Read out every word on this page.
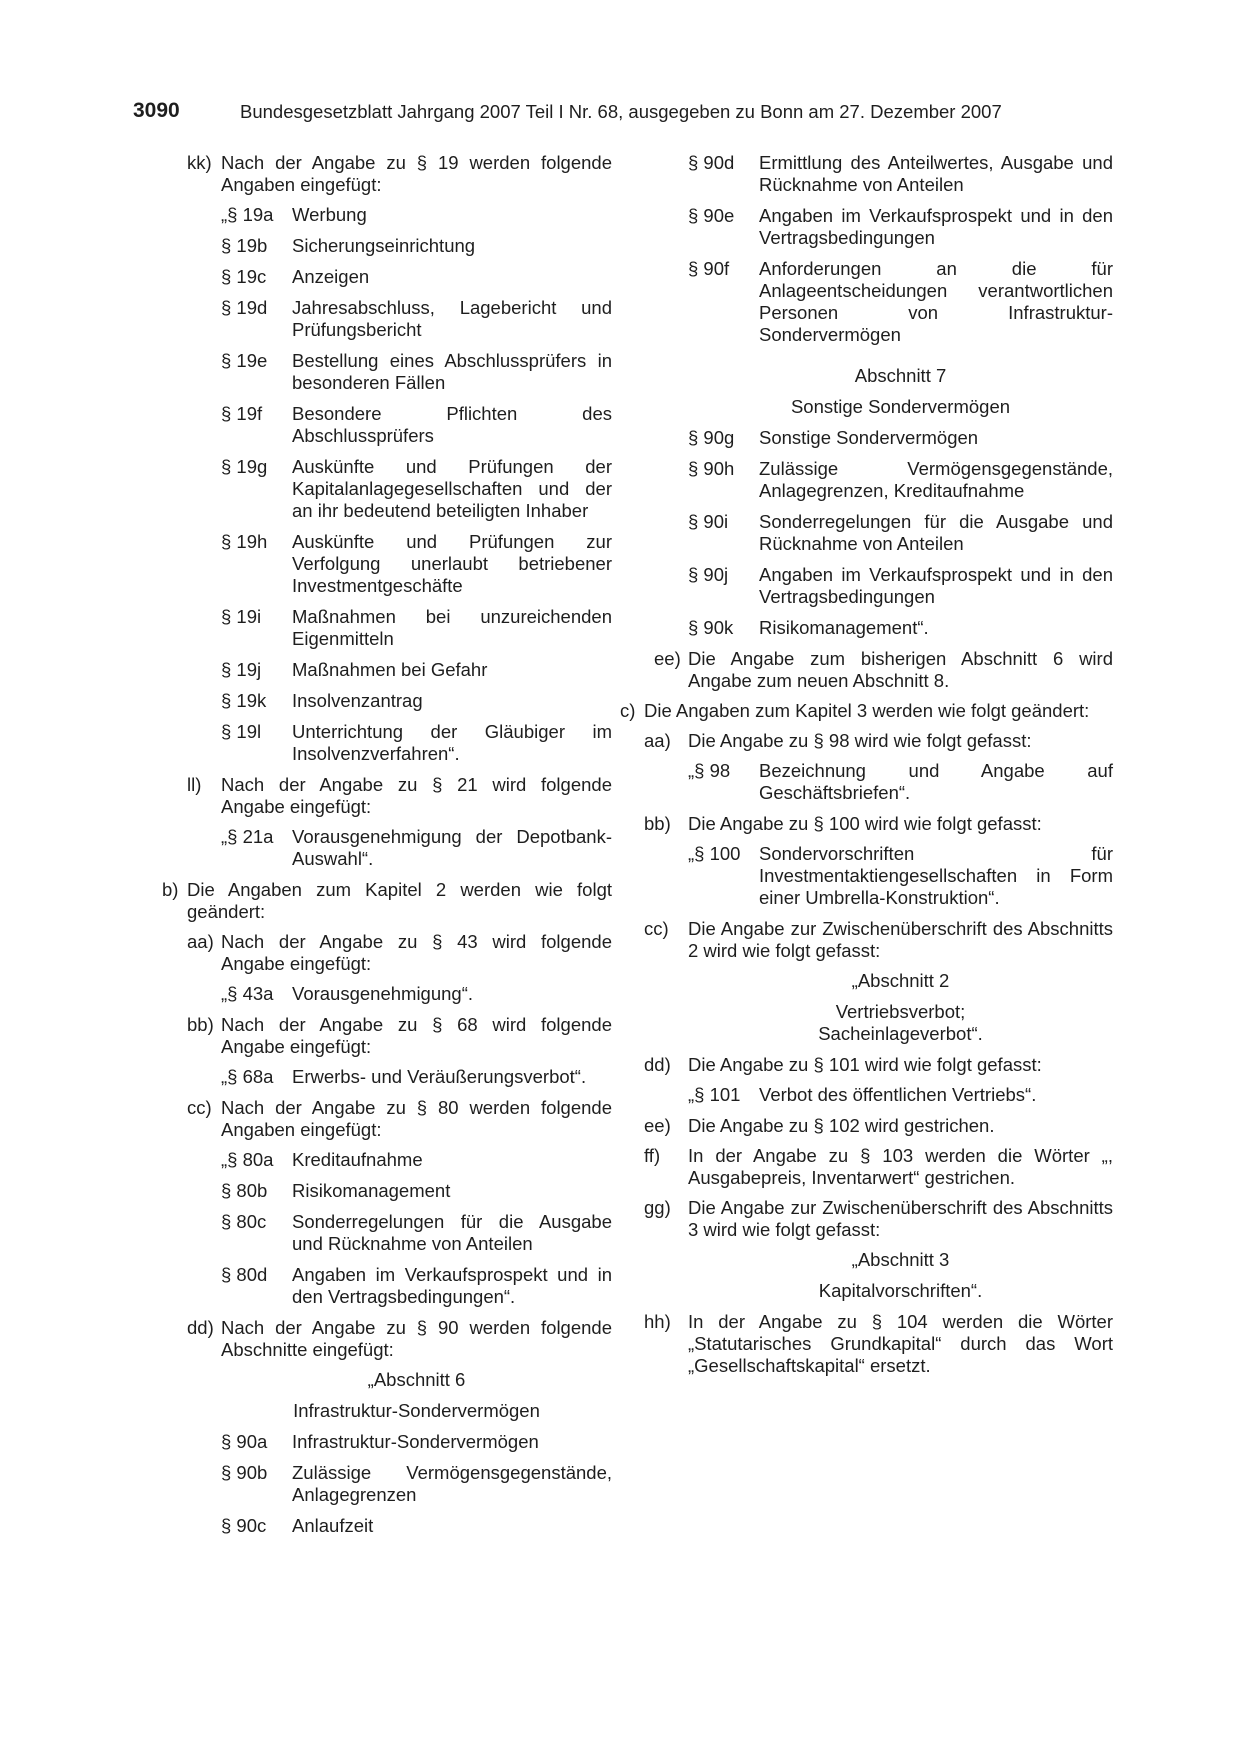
3090	Bundesgesetzblatt Jahrgang 2007 Teil I Nr. 68, ausgegeben zu Bonn am 27. Dezember 2007
kk) Nach der Angabe zu § 19 werden folgende Angaben eingefügt:
„§ 19a	Werbung
§ 19b	Sicherungseinrichtung
§ 19c	Anzeigen
§ 19d	Jahresabschluss, Lagebericht und Prüfungsbericht
§ 19e	Bestellung eines Abschlussprüfers in besonderen Fällen
§ 19f	Besondere Pflichten des Abschlussprüfers
§ 19g	Auskünfte und Prüfungen der Kapitalanlagegesellschaften und der an ihr bedeutend beteiligten Inhaber
§ 19h	Auskünfte und Prüfungen zur Verfolgung unerlaubt betriebener Investmentgeschäfte
§ 19i	Maßnahmen bei unzureichenden Eigenmitteln
§ 19j	Maßnahmen bei Gefahr
§ 19k	Insolvenzantrag
§ 19l	Unterrichtung der Gläubiger im Insolvenzverfahren“.
ll)	Nach der Angabe zu § 21 wird folgende Angabe eingefügt:
„§ 21a	Vorausgenehmigung der Depotbank-Auswahl“.
b) Die Angaben zum Kapitel 2 werden wie folgt geändert:
aa) Nach der Angabe zu § 43 wird folgende Angabe eingefügt:
„§ 43a	Vorausgenehmigung“.
bb) Nach der Angabe zu § 68 wird folgende Angabe eingefügt:
„§ 68a	Erwerbs- und Veräußerungsverbot“.
cc) Nach der Angabe zu § 80 werden folgende Angaben eingefügt:
„§ 80a	Kreditaufnahme
§ 80b	Risikomanagement
§ 80c	Sonderregelungen für die Ausgabe und Rücknahme von Anteilen
§ 80d	Angaben im Verkaufsprospekt und in den Vertragsbedingungen“.
dd) Nach der Angabe zu § 90 werden folgende Abschnitte eingefügt:
„Abschnitt 6
Infrastruktur-Sondervermögen
§ 90a	Infrastruktur-Sondervermögen
§ 90b	Zulässige Vermögensgegenstände, Anlagegrenzen
§ 90c	Anlaufzeit
§ 90d	Ermittlung des Anteilwertes, Ausgabe und Rücknahme von Anteilen
§ 90e	Angaben im Verkaufsprospekt und in den Vertragsbedingungen
§ 90f	Anforderungen an die für Anlageentscheidungen verantwortlichen Personen von Infrastruktur-Sondervermögen
Abschnitt 7
Sonstige Sondervermögen
§ 90g	Sonstige Sondervermögen
§ 90h	Zulässige Vermögensgegenstände, Anlagegrenzen, Kreditaufnahme
§ 90i	Sonderregelungen für die Ausgabe und Rücknahme von Anteilen
§ 90j	Angaben im Verkaufsprospekt und in den Vertragsbedingungen
§ 90k	Risikomanagement“.
ee) Die Angabe zum bisherigen Abschnitt 6 wird Angabe zum neuen Abschnitt 8.
c) Die Angaben zum Kapitel 3 werden wie folgt geändert:
aa) Die Angabe zu § 98 wird wie folgt gefasst:
„§ 98	Bezeichnung und Angabe auf Geschäftsbriefen“.
bb) Die Angabe zu § 100 wird wie folgt gefasst:
„§ 100	Sondervorschriften für Investmentaktiengesellschaften in Form einer Umbrella-Konstruktion“.
cc)	Die Angabe zur Zwischenüberschrift des Abschnitts 2 wird wie folgt gefasst:
„Abschnitt 2
Vertriebsverbot;
Sacheinlageverbot“.
dd) Die Angabe zu § 101 wird wie folgt gefasst:
„§ 101	Verbot des öffentlichen Vertriebs“.
ee) Die Angabe zu § 102 wird gestrichen.
ff)	In der Angabe zu § 103 werden die Wörter „, Ausgabepreis, Inventarwert“ gestrichen.
gg) Die Angabe zur Zwischenüberschrift des Abschnitts 3 wird wie folgt gefasst:
„Abschnitt 3
Kapitalvorschriften“.
hh) In der Angabe zu § 104 werden die Wörter „Statutarisches Grundkapital“ durch das Wort „Gesellschaftskapital“ ersetzt.
